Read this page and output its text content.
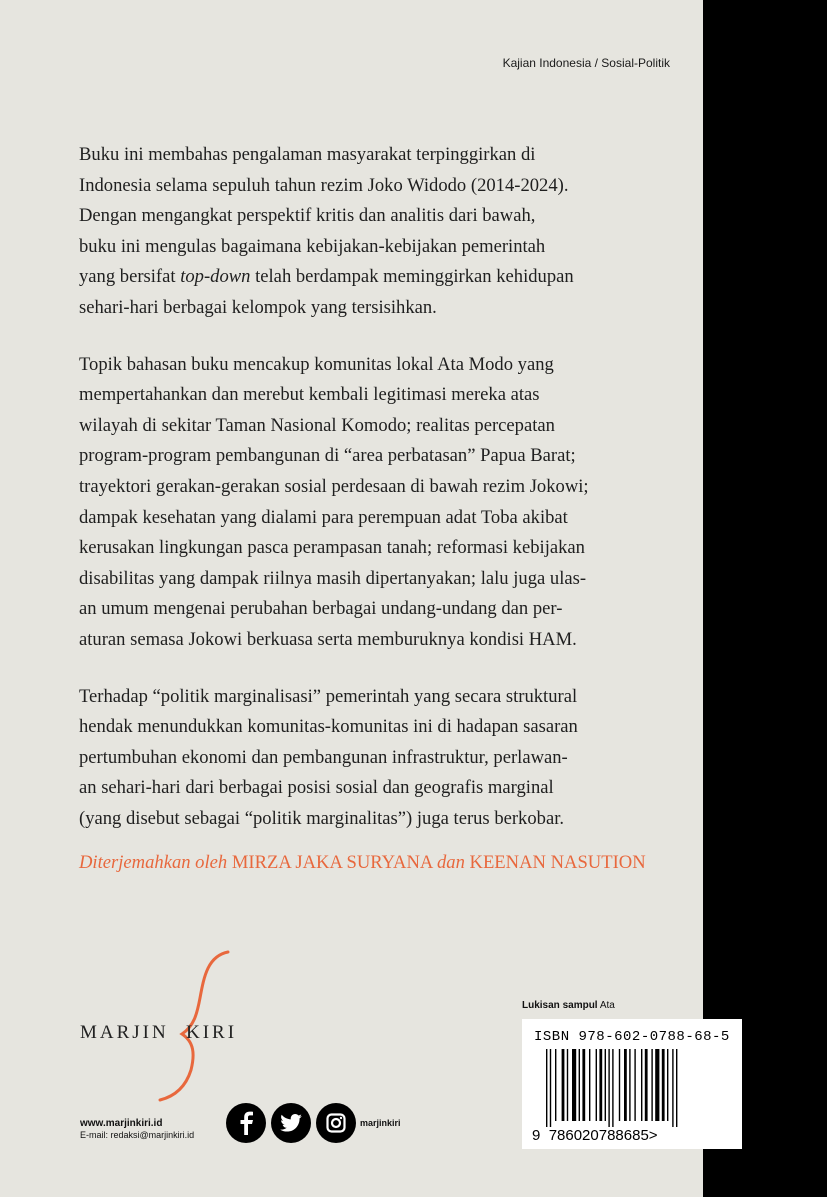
Kajian Indonesia / Sosial-Politik

Buku ini membahas pengalaman masyarakat terpinggirkan di
Indonesia selama sepuluh tahun rezim Joko Widodo (2014-2024).
Dengan mengangkat perspektif kritis dan analitis dari bawah,
buku ini mengulas bagaimana kebijakan-kebijakan pemerintah
yang bersifat top-down telah berdampak meminggirkan kehidupan
sehari-hari berbagai kelompok yang tersisihkan.

Topik bahasan buku mencakup komunitas lokal Ata Modo yang
mempertahankan dan merebut kembali legitimasi mereka atas
wilayah di sekitar Taman Nasional Komodo; realitas percepatan
program-program pembangunan di “area perbatasan” Papua Barat;
trayektori gerakan-gerakan sosial perdesaan di bawah rezim Jokowi;
dampak kesehatan yang dialami para perempuan adat Toba akibat
kerusakan lingkungan pasca perampasan tanah; reformasi kebijakan
disabilitas yang dampak riilnya masih dipertanyakan; lalu juga ulas-
an umum mengenai perubahan berbagai undang-undang dan per-
aturan semasa Jokowi berkuasa serta memburuknya kondisi HAM.

Terhadap “politik marginalisasi” pemerintah yang secara struktural
hendak menundukkan komunitas-komunitas ini di hadapan sasaran
pertumbuhan ekonomi dan pembangunan infrastruktur, perlawan-
an sehari-hari dari berbagai posisi sosial dan geografis marginal
(yang disebut sebagai “politik marginalitas”) juga terus berkobar.

Diterjemahkan oleh MIRZA JAKA SURYANA dan KEENAN NASUTION
MARJIN KIRI
www.marjinkiri.id
E-mail: redaksi@marjinkiri.id
marjinkiri
Lukisan sampul Ata
ISBN 978-602-0788-68-5
9 786020788685>
